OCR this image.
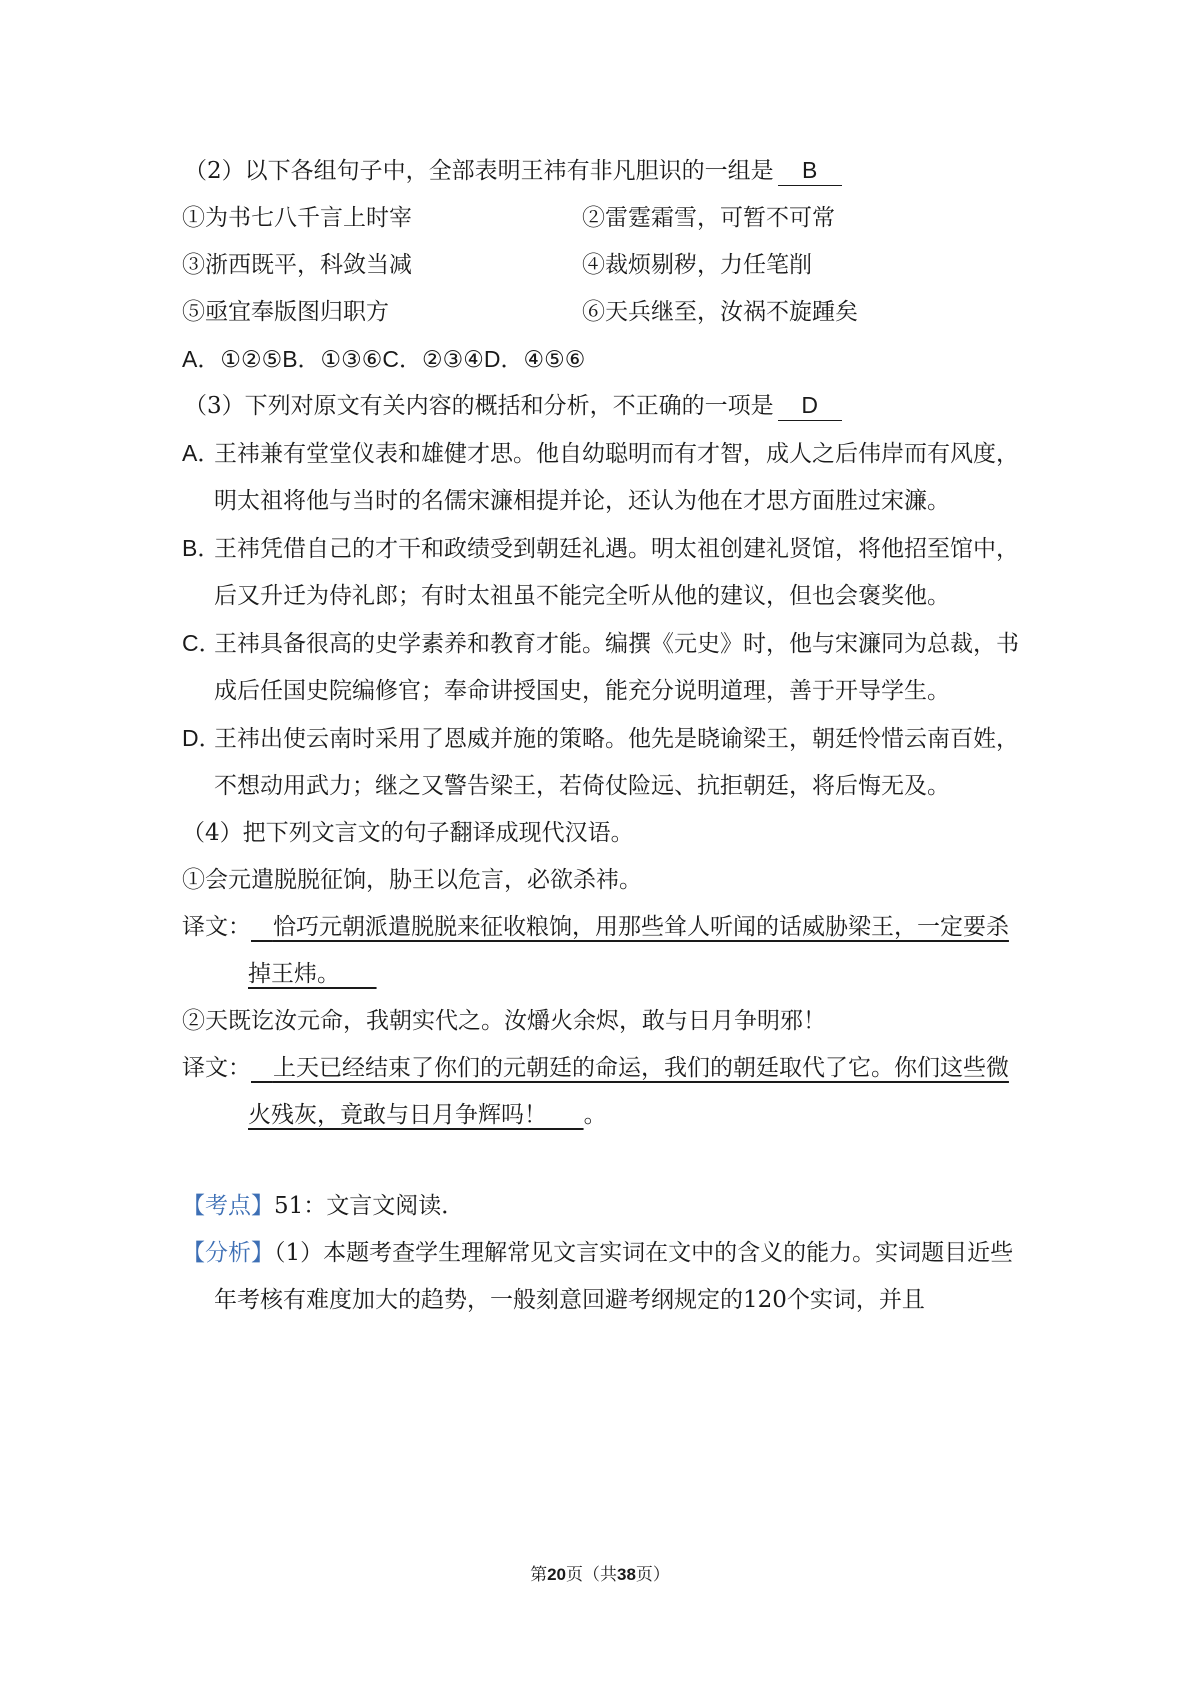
（2）以下各组句子中，全部表明王祎有非凡胆识的一组是 B
①为书七八千言上时宰	②雷霆霜雪，可暂不可常
③浙西既平，科敛当减	④裁烦剔秽，力任笔削
⑤亟宜奉版图归职方	⑥天兵继至，汝祸不旋踵矣
A．①②⑤B．①③⑥C．②③④D．④⑤⑥
（3）下列对原文有关内容的概括和分析，不正确的一项是 D
A．王祎兼有堂堂仪表和雄健才思。他自幼聪明而有才智，成人之后伟岸而有风度，明太祖将他与当时的名儒宋濂相提并论，还认为他在才思方面胜过宋濂。
B．王祎凭借自己的才干和政绩受到朝廷礼遇。明太祖创建礼贤馆，将他招至馆中，后又升迁为侍礼郎；有时太祖虽不能完全听从他的建议，但也会褒奖他。
C．王祎具备很高的史学素养和教育才能。编撰《元史》时，他与宋濂同为总裁，书成后任国史院编修官；奉命讲授国史，能充分说明道理，善于开导学生。
D．王祎出使云南时采用了恩威并施的策略。他先是晓谕梁王，朝廷怜惜云南百姓，不想动用武力；继之又警告梁王，若倚仗险远、抗拒朝廷，将后悔无及。
（4）把下列文言文的句子翻译成现代汉语。
①会元遣脱脱征饷，胁王以危言，必欲杀祎。
译文： 恰巧元朝派遣脱脱来征收粮饷，用那些耸人听闻的话威胁梁王，一定要杀掉王炜。
②天既讫汝元命，我朝实代之。汝爝火余烬，敢与日月争明邪！
译文： 上天已经结束了你们的元朝廷的命运，我们的朝廷取代了它。你们这些微火残灰，竟敢与日月争辉吗！ 。
【考点】51：文言文阅读．
【分析】（1）本题考查学生理解常见文言实词在文中的含义的能力。实词题目近些年考核有难度加大的趋势，一般刻意回避考纲规定的120个实词，并且
第20页（共38页）
